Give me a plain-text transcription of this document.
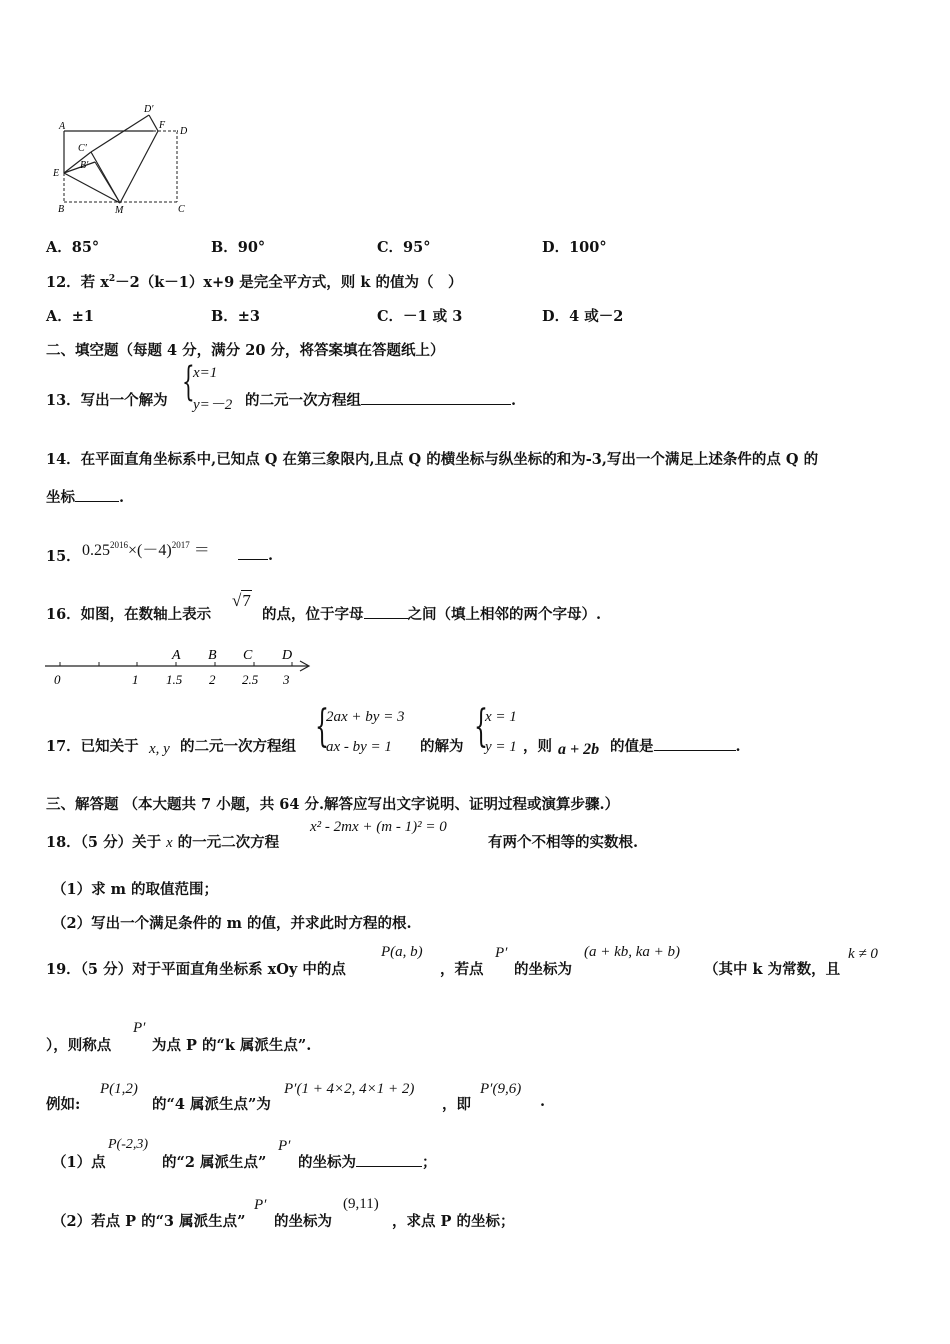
A
D′
F
D
C′
B′
E
B	M	C
A．85°	B．90°	C．95°	D．100°
12．若 $x^2-2(k-1)x+9$ 是完全平方式，则 k 的值为（　）
A．±1	B．±3	C．－1 或 3	D．4 或－2
二、填空题（每题 4 分，满分 20 分，将答案填在答题纸上）
13．写出一个解为 {
x=1
y=－2 的二元一次方程组	.
14．在平面直角坐标系中,已知点 Q 在第三象限内,且点 Q 的横坐标与纵坐标的和为-3,写出一个满足上述条件的点 Q 的
坐标	.
15． $0.25^{2016}\times(-4)^{2017}$ ＝	.
16．如图，在数轴上表示
√7
的点，位于字母	之间（填上相邻的两个字母）.
0	1 1.5 2 2.5 3
A B C D
17．已知关于 x, y 的二元一次方程组 {
2ax + by = 3
ax - by = 1 的解为 {
x = 1
y = 1 ，则 a + 2b 的值是	.
三、解答题 （本大题共 7 小题，共 64 分.解答应写出文字说明、证明过程或演算步骤.）
18．（5 分）关于 x 的一元二次方程
x² - 2mx + (m - 1)² = 0
有两个不相等的实数根.
（1）求 m 的取值范围；
（2）写出一个满足条件的 m 的值，并求此时方程的根.
19．（5 分）对于平面直角坐标系 xOy 中的点
P(a, b)
，若点
P′
的坐标为
(a + kb, ka + b)
（其中 k 为常数，且
k ≠ 0
），则称点
P′
为点 P 的“k 属派生点”.
例如:
P(1,2)
的“4 属派生点”为
P′(1 + 4×2, 4×1 + 2)
，即
P′(9,6)
.
（1）点
P(-2,3)
的“2 属派生点”
P′
的坐标为	；
（2）若点 P 的“3 属派生点”
P′
的坐标为
(9,11)
，求点 P 的坐标；
